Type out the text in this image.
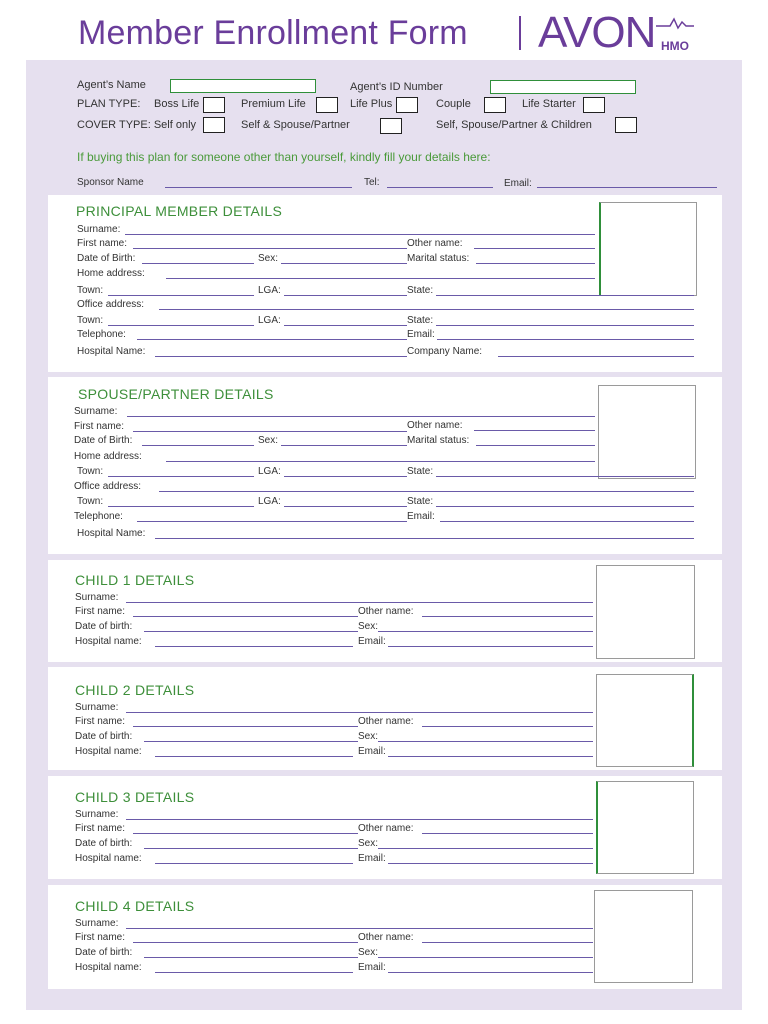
Member Enrollment Form AVON HMO
Agent’s Name	Agent’s ID Number
PLAN TYPE: Boss Life	Premium Life	Life Plus	Couple	Life Starter
COVER TYPE: Self only	Self & Spouse/Partner	Self, Spouse/Partner & Children
If buying this plan for someone other than yourself, kindly fill your details here:
Sponsor Name	Tel:	Email:
PRINCIPAL MEMBER DETAILS
Surname:
First name:	Other name:
Date of Birth:	Sex:	Marital status:
Home address:
Town:	LGA:	State:
Office address:
Town:	LGA:	State:
Telephone:	Email:
Hospital Name:	Company Name:
SPOUSE/PARTNER DETAILS
Surname:
First name:	Other name:
Date of Birth:	Sex:	Marital status:
Home address:
Town:	LGA:	State:
Office address:
Town:	LGA:	State:
Telephone:	Email:
Hospital Name:
CHILD 1 DETAILS
Surname:
First name:	Other name:
Date of birth:	Sex:
Hospital name:	Email:
CHILD 2 DETAILS
Surname:
First name:	Other name:
Date of birth:	Sex:
Hospital name:	Email:
CHILD 3 DETAILS
Surname:
First name:	Other name:
Date of birth:	Sex:
Hospital name:	Email:
CHILD 4 DETAILS
Surname:
First name:	Other name:
Date of birth:	Sex:
Hospital name:	Email:
